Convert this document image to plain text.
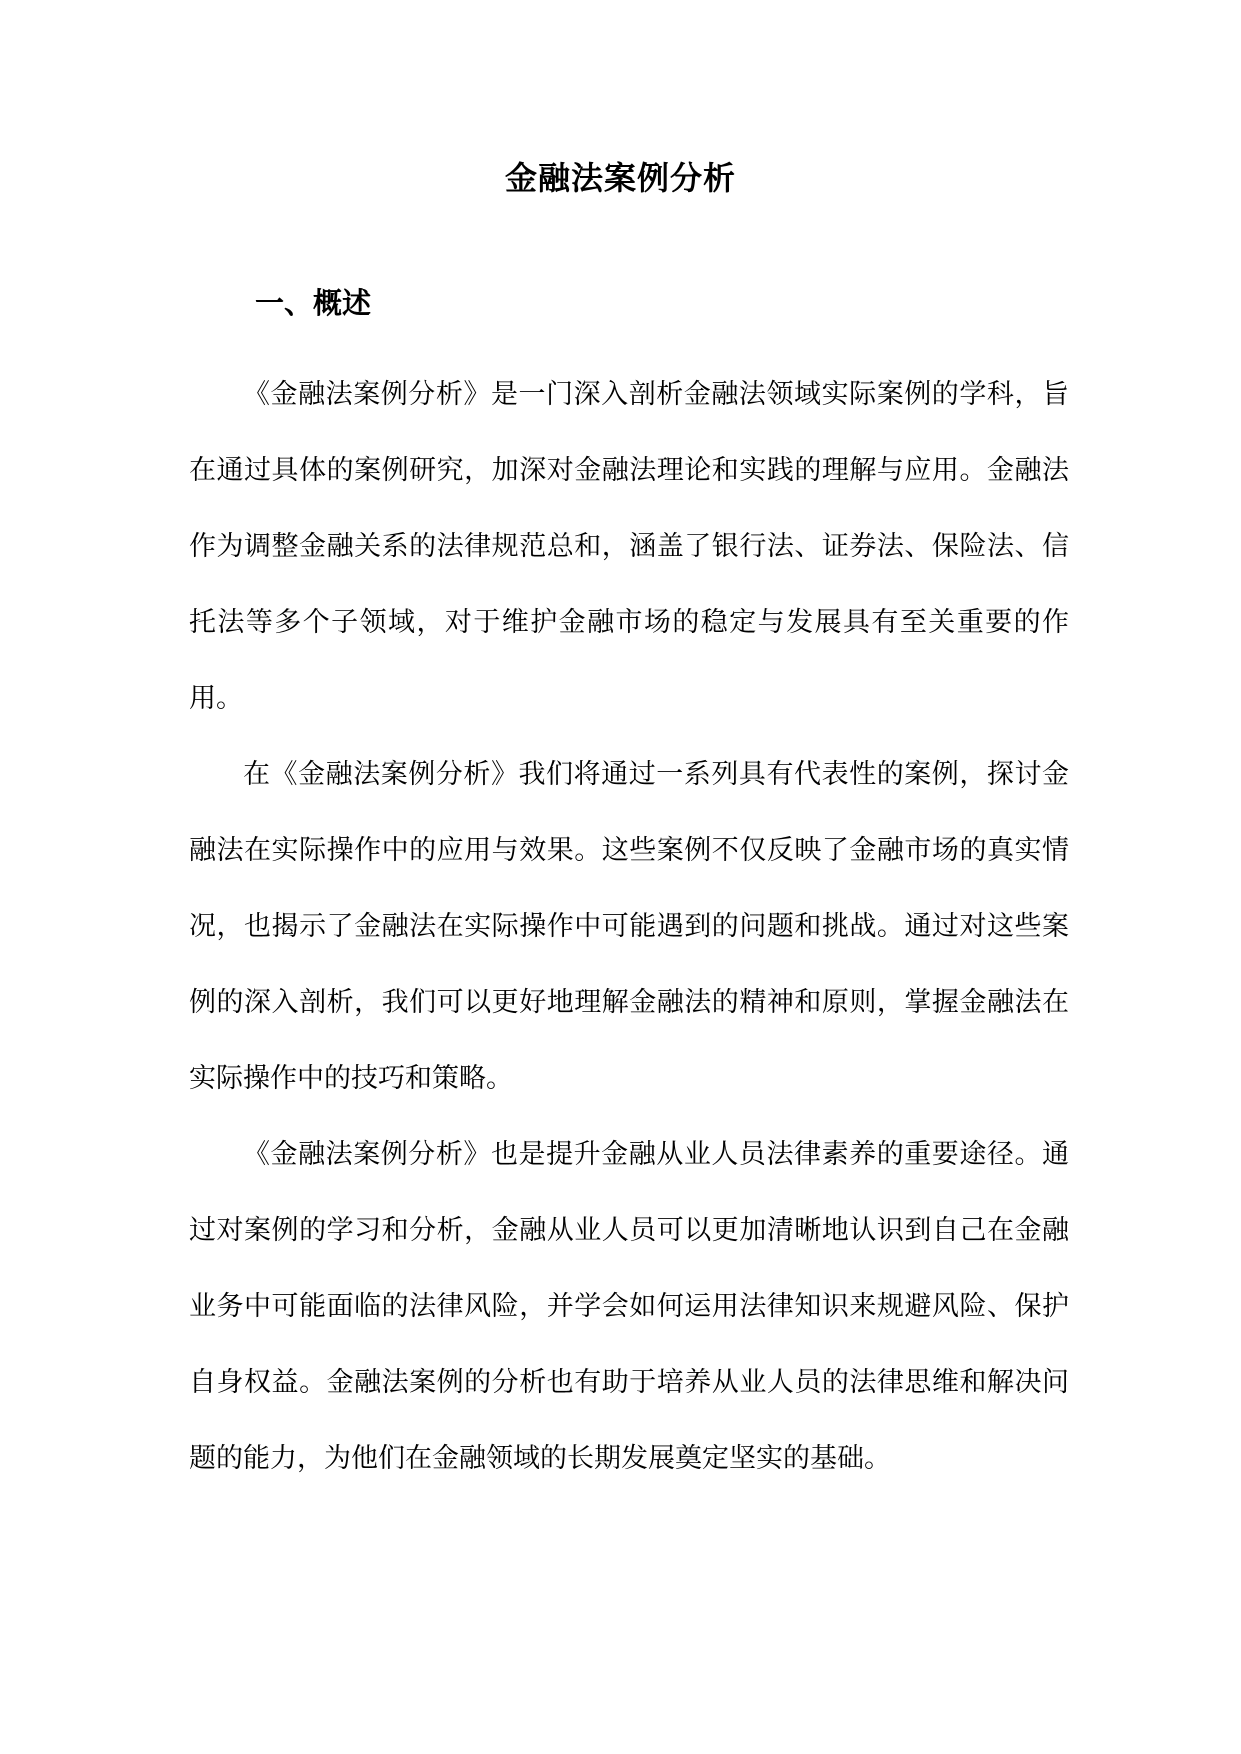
金融法案例分析
一、概述
《金融法案例分析》是一门深入剖析金融法领域实际案例的学科，旨在通过具体的案例研究，加深对金融法理论和实践的理解与应用。金融法作为调整金融关系的法律规范总和，涵盖了银行法、证券法、保险法、信托法等多个子领域，对于维护金融市场的稳定与发展具有至关重要的作用。
在《金融法案例分析》我们将通过一系列具有代表性的案例，探讨金融法在实际操作中的应用与效果。这些案例不仅反映了金融市场的真实情况，也揭示了金融法在实际操作中可能遇到的问题和挑战。通过对这些案例的深入剖析，我们可以更好地理解金融法的精神和原则，掌握金融法在实际操作中的技巧和策略。
《金融法案例分析》也是提升金融从业人员法律素养的重要途径。通过对案例的学习和分析，金融从业人员可以更加清晰地认识到自己在金融业务中可能面临的法律风险，并学会如何运用法律知识来规避风险、保护自身权益。金融法案例的分析也有助于培养从业人员的法律思维和解决问题的能力，为他们在金融领域的长期发展奠定坚实的基础。
